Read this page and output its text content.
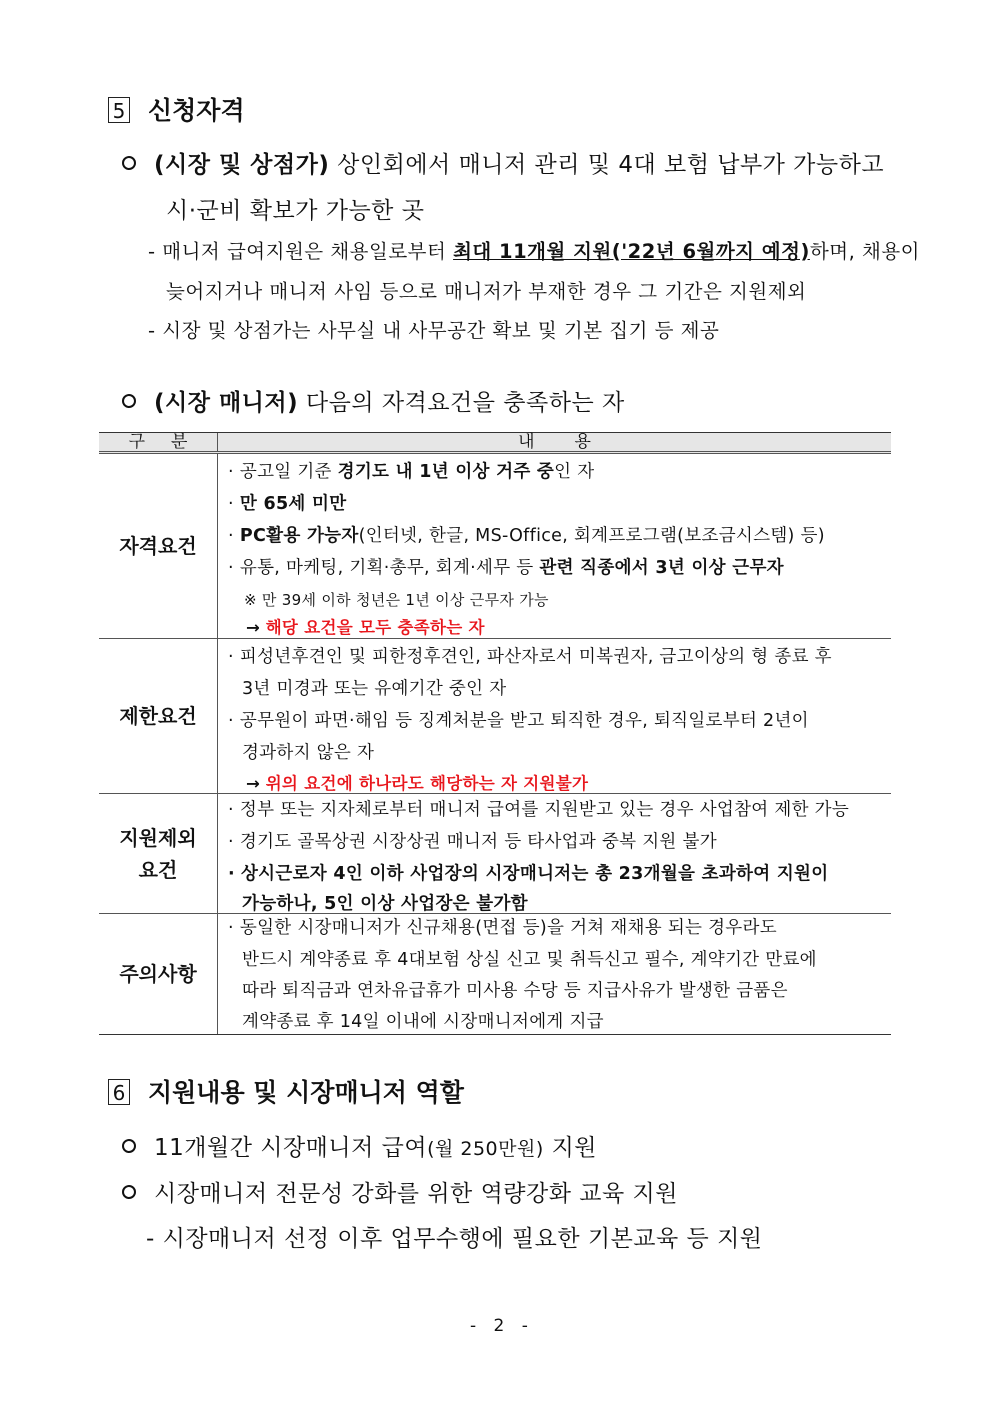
5 신청자격
(시장 및 상점가) 상인회에서 매니저 관리 및 4대 보험 납부가 가능하고
시·군비 확보가 가능한 곳
- 매니저 급여지원은 채용일로부터 최대 11개월 지원('22년 6월까지 예정)하며, 채용이
늦어지거나 매니저 사임 등으로 매니저가 부재한 경우 그 기간은 지원제외
- 시장 및 상점가는 사무실 내 사무공간 확보 및 기본 집기 등 제공
(시장 매니저) 다음의 자격요건을 충족하는 자
구분	내용
자격요건
· 공고일 기준 경기도 내 1년 이상 거주 중인 자
· 만 65세 미만
· PC활용 가능자(인터넷, 한글, MS-Office, 회계프로그램(보조금시스템) 등)
· 유통, 마케팅, 기획·총무, 회계·세무 등 관련 직종에서 3년 이상 근무자
※ 만 39세 이하 청년은 1년 이상 근무자 가능
→ 해당 요건을 모두 충족하는 자
제한요건
· 피성년후견인 및 피한정후견인, 파산자로서 미복권자, 금고이상의 형 종료 후
3년 미경과 또는 유예기간 중인 자
· 공무원이 파면·해임 등 징계처분을 받고 퇴직한 경우, 퇴직일로부터 2년이
경과하지 않은 자
→ 위의 요건에 하나라도 해당하는 자 지원불가
지원제외
요건
· 정부 또는 지자체로부터 매니저 급여를 지원받고 있는 경우 사업참여 제한 가능
· 경기도 골목상권 시장상권 매니저 등 타사업과 중복 지원 불가
· 상시근로자 4인 이하 사업장의 시장매니저는 총 23개월을 초과하여 지원이
가능하나, 5인 이상 사업장은 불가함
주의사항
· 동일한 시장매니저가 신규채용(면접 등)을 거쳐 재채용 되는 경우라도
반드시 계약종료 후 4대보험 상실 신고 및 취득신고 필수, 계약기간 만료에
따라 퇴직금과 연차유급휴가 미사용 수당 등 지급사유가 발생한 금품은
계약종료 후 14일 이내에 시장매니저에게 지급
6 지원내용 및 시장매니저 역할
11개월간 시장매니저 급여(월 250만원) 지원
시장매니저 전문성 강화를 위한 역량강화 교육 지원
- 시장매니저 선정 이후 업무수행에 필요한 기본교육 등 지원
- 2 -
